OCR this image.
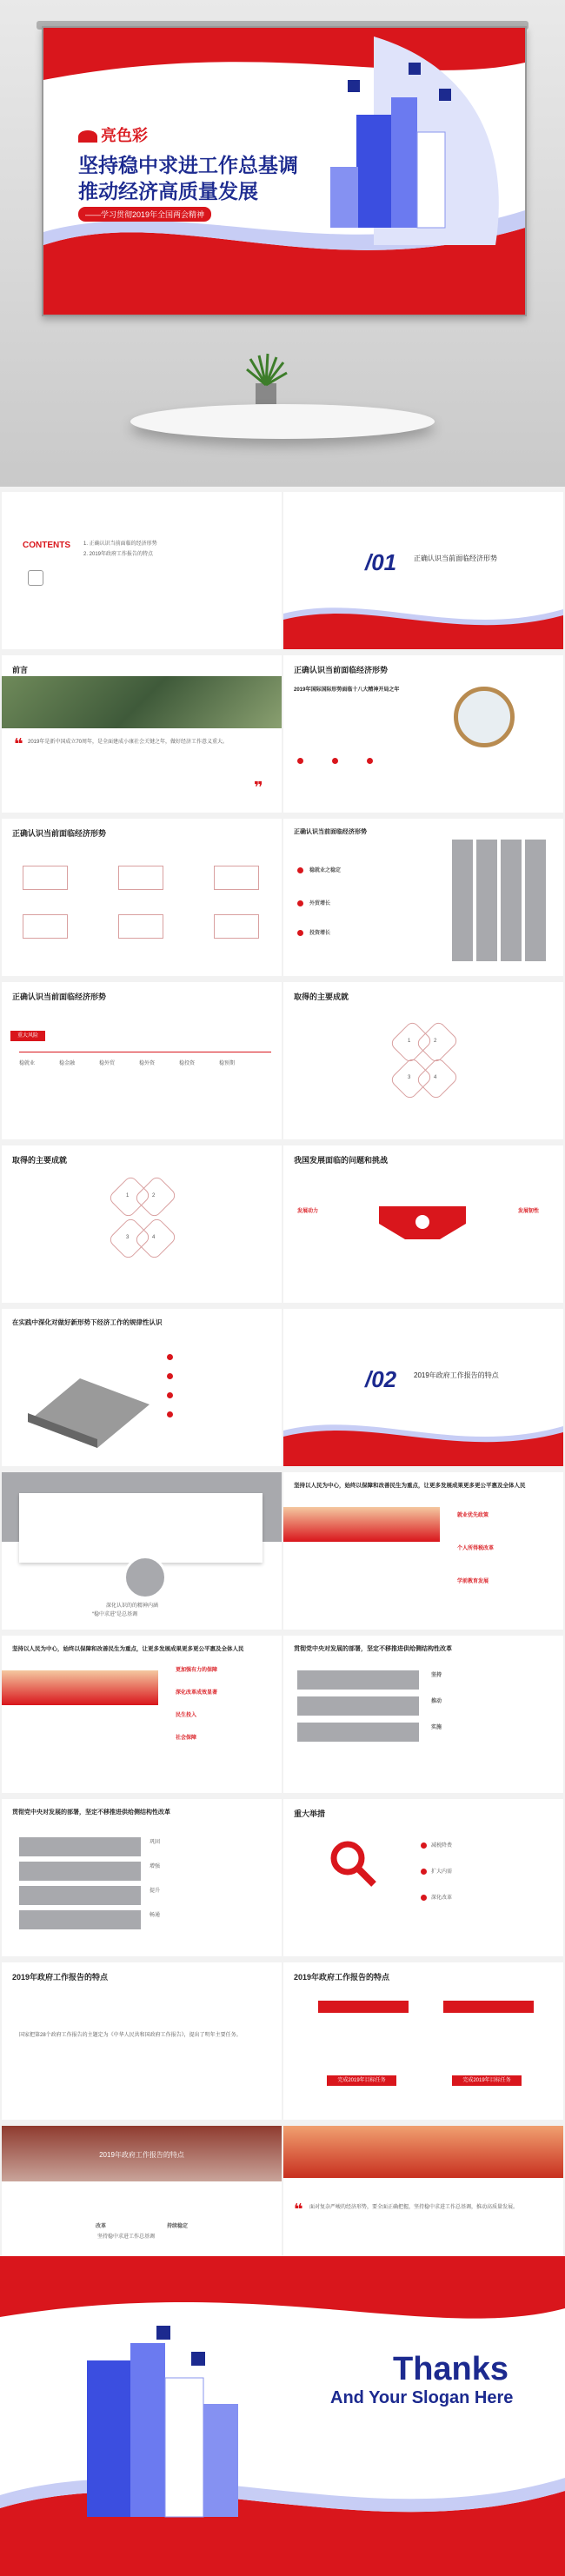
亮色彩
坚持稳中求进工作总基调
推动经济高质量发展
——学习贯彻2019年全国两会精神
CONTENTS	1. 正确认识当前面临的经济形势
2. 2019年政府工作报告的特点	/01 正确认识当前面临经济形势
前言
2019年是新中国成立70周年，是全面建成小康社会关键之年，做好经济工作意义重大。
❝
❞
正确认识当前面临经济形势
2019年国际国际形势面临十八大精神开局之年
正确认识当前面临经济形势	正确认识当前面临经济形势
稳就业之稳定
外贸增长
投资增长
正确认识当前面临经济形势
重大风险
稳就业	稳金融	稳外贸	稳外资	稳投资	稳预期
取得的主要成就
1	2
3	4
取得的主要成就
1	2
3	4
我国发展面临的问题和挑战
发展动力	发展韧性
在实践中深化对做好新形势下经济工作的规律性认识
/02 2019年政府工作报告的特点
深化认识的的精神内涵
“稳中求进”是总基调
坚持以人民为中心，始终以保障和改善民生为重点，让更多发展成果更多更公平惠及全体人民
就业优先政策
个人所得税改革
学前教育发展
坚持以人民为中心，始终以保障和改善民生为重点，让更多发展成果更多更公平惠及全体人民
更加强有力的保障
深化改革成效显著
民生投入
社会保障
贯彻党中央对发展的部署，坚定不移推进供给侧结构性改革
坚持
推动
实施
贯彻党中央对发展的部署，坚定不移推进供给侧结构性改革
巩固
增强
提升
畅通
重大举措
减税降费
扩大内需
深化改革
2019年政府工作报告的特点
国家把第28个政府工作报告的主题定为《中华人民共和国政府工作报告》，提出了明年主要任务。
2019年政府工作报告的特点
完成2019年目标任务	完成2019年目标任务
2019年政府工作报告的特点
改革	持续稳定
坚持稳中求进工作总基调
面对复杂严峻的经济形势，要全面正确把握，坚持稳中求进工作总基调，推动高质量发展。
❝
Thanks
And Your Slogan Here
